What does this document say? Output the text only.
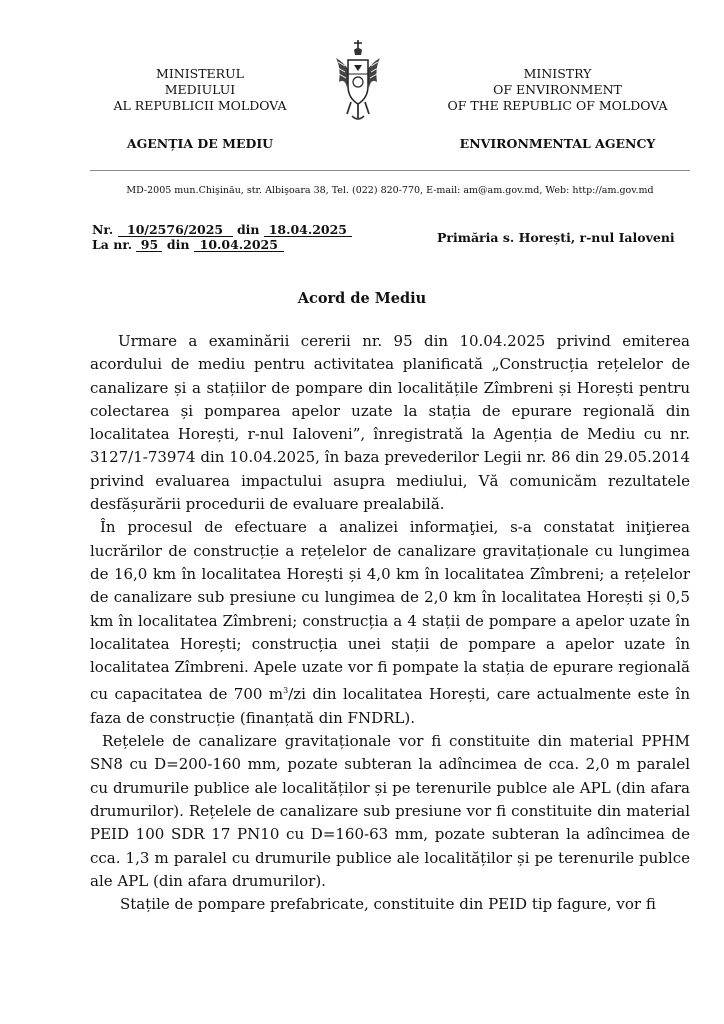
MINISTERUL
MEDIULUI
AL REPUBLICII MOLDOVA
MINISTRY
OF ENVIRONMENT
OF THE REPUBLIC OF MOLDOVA
AGENȚIA DE MEDIU	ENVIRONMENTAL AGENCY
MD-2005 mun.Chişinău, str. Albişoara 38, Tel. (022) 820-770, E-mail: am@am.gov.md, Web: http://am.gov.md
Nr. 10/2576/2025 din 18.04.2025
La nr. 95 din 10.04.2025	Primăria s. Horești, r-nul Ialoveni
Acord de Mediu

Urmare a examinării cererii nr. 95 din 10.04.2025 privind emiterea acordului de mediu pentru activitatea planificată „Construcția rețelelor de canalizare și a stațiilor de pompare din localitățile Zîmbreni și Horești pentru colectarea și pomparea apelor uzate la stația de epurare regională din localitatea Horești, r-nul Ialoveni”, înregistrată la Agenția de Mediu cu nr. 3127/1-73974 din 10.04.2025, în baza prevederilor Legii nr. 86 din 29.05.2014 privind evaluarea impactului asupra mediului, Vă comunicăm rezultatele desfășurării procedurii de evaluare prealabilă.

În procesul de efectuare a analizei informaţiei, s-a constatat iniţierea lucrărilor de construcție a rețelelor de canalizare gravitaționale cu lungimea de 16,0 km în localitatea Horești și 4,0 km în localitatea Zîmbreni; a rețelelor de canalizare sub presiune cu lungimea de 2,0 km în localitatea Horești și 0,5 km în localitatea Zîmbreni; construcția a 4 stații de pompare a apelor uzate în localitatea Horești; construcția unei stații de pompare a apelor uzate în localitatea Zîmbreni. Apele uzate vor fi pompate la stația de epurare regională cu capacitatea de 700 $m^3/zi$ din localitatea Horești, care actualmente este în faza de construcție (finanțată din FNDRL).

Rețelele de canalizare gravitaționale vor fi constituite din material PPHM SN8 cu D=200-160 mm, pozate subteran la adîncimea de cca. 2,0 m paralel cu drumurile publice ale localităților și pe terenurile publce ale APL (din afara drumurilor). Rețelele de canalizare sub presiune vor fi constituite din material PEID 100 SDR 17 PN10 cu D=160-63 mm, pozate subteran la adîncimea de cca. 1,3 m paralel cu drumurile publice ale localităților și pe terenurile publce ale APL (din afara drumurilor).

Stațile de pompare prefabricate, constituite din PEID tip fagure, vor fi
